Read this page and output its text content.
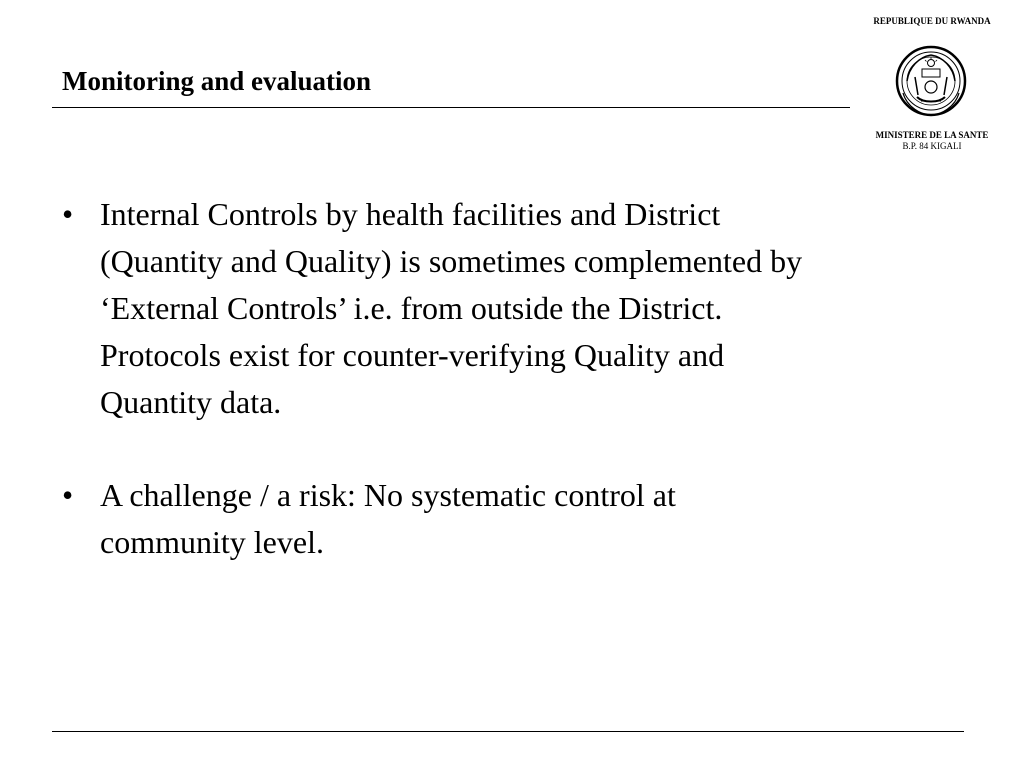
Monitoring and evaluation
REPUBLIQUE DU RWANDA
MINISTERE DE LA SANTE
B.P. 84 KIGALI
• Internal Controls by health facilities and District
(Quantity and Quality) is sometimes complemented by
‘External Controls’ i.e. from outside the District.
Protocols exist for counter-verifying Quality and
Quantity data.
• A challenge / a risk: No systematic control at
community level.
